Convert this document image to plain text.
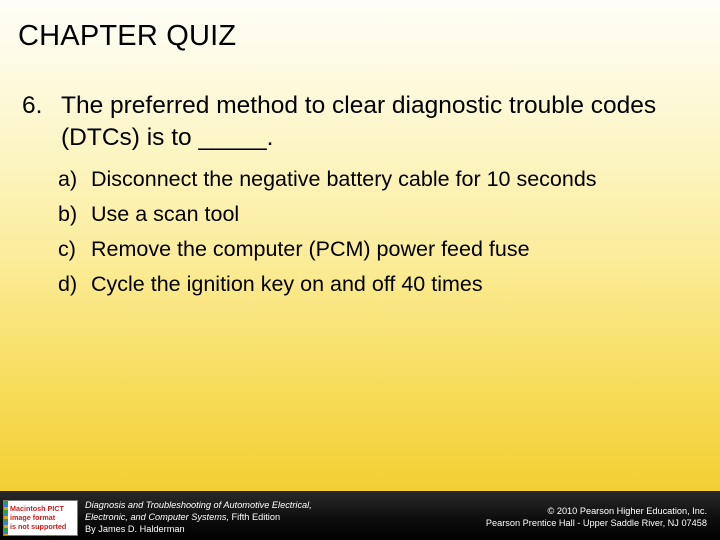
CHAPTER QUIZ
6. The preferred method to clear diagnostic trouble codes (DTCs) is to _____.
a) Disconnect the negative battery cable for 10 seconds
b) Use a scan tool
c) Remove the computer (PCM) power feed fuse
d) Cycle the ignition key on and off 40 times
Macintosh PICT
image format
is not supported
Diagnosis and Troubleshooting of Automotive Electrical,
Electronic, and Computer Systems, Fifth Edition
By James D. Halderman
© 2010 Pearson Higher Education, Inc.
Pearson Prentice Hall - Upper Saddle River, NJ 07458
